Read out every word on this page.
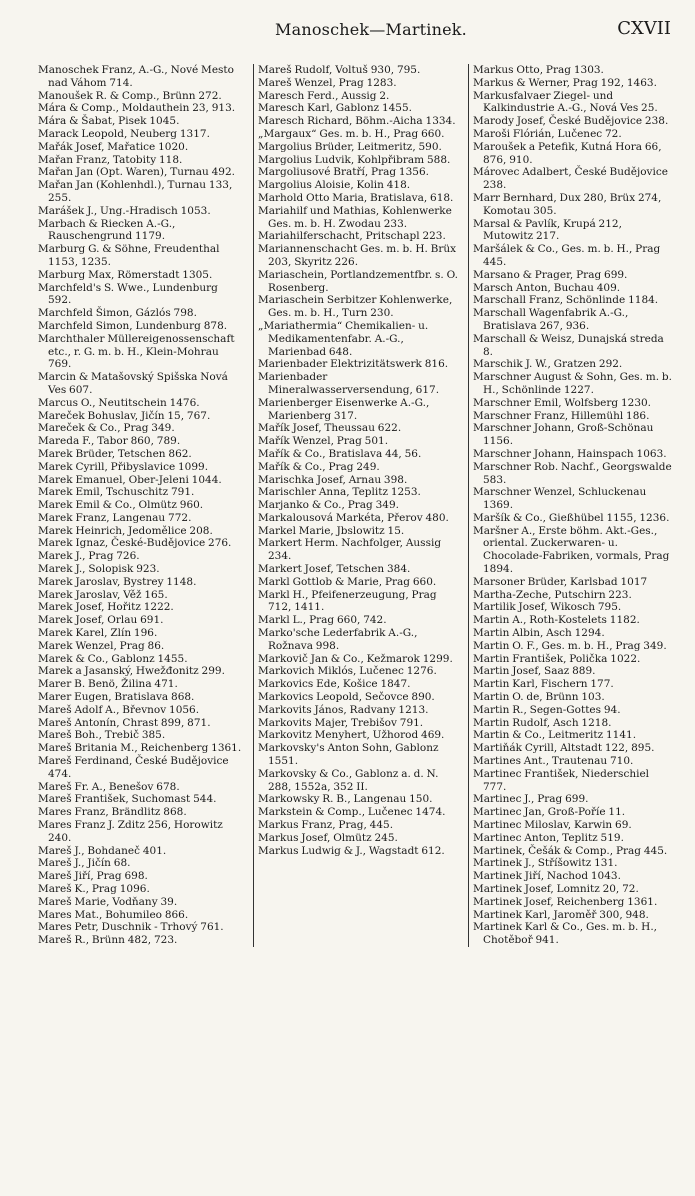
Manoschek—Martinek.	CXVII
Manoschek Franz, A.-G., Nové Mesto nad Váhom 714.
Manoušek R. & Comp., Brünn 272.
Mára & Comp., Moldauthein 23, 913.
Mára & Šabat, Pisek 1045.
Marack Leopold, Neuberg 1317.
Mařák Josef, Mařatice 1020.
Mařan Franz, Tatobity 118.
Mařan Jan (Opt. Waren), Turnau 492.
Mařan Jan (Kohlenhdl.), Turnau 133, 255.
Marášek J., Ung.-Hradisch 1053.
Marbach & Riecken A.-G., Rauschengrund 1179.
Marburg G. & Söhne, Freudenthal 1153, 1235.
Marburg Max, Römerstadt 1305.
Marchfeld's S. Wwe., Lundenburg 592.
Marchfeld Šimon, Gázlós 798.
Marchfeld Simon, Lundenburg 878.
Marchthaler Müllereigenossenschaft etc., r. G. m. b. H., Klein-Mohrau 769.
Marcin & Matašovský Spišska Nová Ves 607.
Marcus O., Neutitschein 1476.
Mareček Bohuslav, Jičín 15, 767.
Mareček & Co., Prag 349.
Mareda F., Tabor 860, 789.
Marek Brüder, Tetschen 862.
Marek Cyrill, Přibyslavice 1099.
Marek Emanuel, Ober-Jeleni 1044.
Marek Emil, Tschuschitz 791.
Marek Emil & Co., Olmütz 960.
Marek Franz, Langenau 772.
Marek Heinrich, Jedomělice 208.
Marek Ignaz, České-Budějovice 276.
Marek J., Prag 726.
Marek J., Solopisk 923.
Marek Jaroslav, Bystrey 1148.
Marek Jaroslav, Věž 165.
Marek Josef, Hořitz 1222.
Marek Josef, Orlau 691.
Marek Karel, Zlín 196.
Marek Wenzel, Prag 86.
Marek & Co., Gablonz 1455.
Marek a Jasanský, Hwežđonitz 299.
Marer B. Benö, Žilina 471.
Marer Eugen, Bratislava 868.
Mareš Adolf A., Břevnov 1056.
Mareš Antonín, Chrast 899, 871.
Mareš Boh., Trebič 385.
Mareš Britania M., Reichenberg 1361.
Mareš Ferdinand, České Budějovice 474.
Mareš Fr. A., Benešov 678.
Mareš František, Suchomast 544.
Mares Franz, Brändlitz 868.
Mares Franz J. Zditz 256, Horowitz 240.
Mareš J., Bohdaneč 401.
Mareš J., Jičín 68.
Mareš Jiří, Prag 698.
Mareš K., Prag 1096.
Mareš Marie, Vodňany 39.
Mares Mat., Bohumileo 866.
Mares Petr, Duschnik - Trhový 761.
Mareš R., Brünn 482, 723.
Mareš Rudolf, Voltuš 930, 795.
Mareš Wenzel, Prag 1283.
Maresch Ferd., Aussig 2.
Maresch Karl, Gablonz 1455.
Maresch Richard, Böhm.-Aicha 1334.
„Margaux“ Ges. m. b. H., Prag 660.
Margolius Brüder, Leitmeritz, 590.
Margolius Ludvik, Kohlpřibram 588.
Margoliusové Bratří, Prag 1356.
Margolius Aloisie, Kolin 418.
Marhold Otto Maria, Bratislava, 618.
Mariahilf und Mathias, Kohlenwerke Ges. m. b. H. Zwodau 233.
Mariahilferschacht, Pritschapl 223.
Mariannenschacht Ges. m. b. H. Brüx 203, Skyritz 226.
Mariaschein, Portlandzementfbr. s. O. Rosenberg.
Mariaschein Serbitzer Kohlenwerke, Ges. m. b. H., Turn 230.
„Mariathermia“ Chemikalien- u. Medikamentenfabr. A.-G., Marienbad 648.
Marienbader Elektrizitätswerk 816.
Marienbader Mineralwasserversendung, 617.
Marienberger Eisenwerke A.-G., Marienberg 317.
Mařík Josef, Theussau 622.
Mařík Wenzel, Prag 501.
Mařík & Co., Bratislava 44, 56.
Mařík & Co., Prag 249.
Marischka Josef, Arnau 398.
Marischler Anna, Teplitz 1253.
Marjanko & Co., Prag 349.
Markalousová Markéta, Přerov 480.
Markel Marie, Jbslowitz 15.
Markert Herm. Nachfolger, Aussig 234.
Markert Josef, Tetschen 384.
Markl Gottlob & Marie, Prag 660.
Markl H., Pfeifenerzeugung, Prag 712, 1411.
Markl L., Prag 660, 742.
Marko'sche Lederfabrik A.-G., Rožnava 998.
Markovič Jan & Co., Kežmarok 1299.
Markovich Miklós, Lučenec 1276.
Markovics Ede, Košice 1847.
Markovics Leopold, Sečovce 890.
Markovits János, Radvany 1213.
Markovits Majer, Trebišov 791.
Markovitz Menyhert, Užhorod 469.
Markovsky's Anton Sohn, Gablonz 1551.
Markovsky & Co., Gablonz a. d. N. 288, 1552a, 352 II.
Markowsky R. B., Langenau 150.
Markstein & Comp., Lučenec 1474.
Markus Franz, Prag, 445.
Markus Josef, Olmütz 245.
Markus Ludwig & J., Wagstadt 612.
Markus Otto, Prag 1303.
Markus & Werner, Prag 192, 1463.
Markusfalvaer Ziegel- und Kalkindustrie A.-G., Nová Ves 25.
Marody Josef, České Budějovice 238.
Maroši Flórián, Lučenec 72.
Maroušek a Petefik, Kutná Hora 66, 876, 910.
Márovec Adalbert, České Budějovice 238.
Marr Bernhard, Dux 280, Brüx 274, Komotau 305.
Marsal & Pavlík, Krupá 212, Mutowitz 217.
Maršálek & Co., Ges. m. b. H., Prag 445.
Marsano & Prager, Prag 699.
Marsch Anton, Buchau 409.
Marschall Franz, Schönlinde 1184.
Marschall Wagenfabrik A.-G., Bratislava 267, 936.
Marschall & Weisz, Dunajská streda 8.
Marschik J. W., Gratzen 292.
Marschner August & Sohn, Ges. m. b. H., Schönlinde 1227.
Marschner Emil, Wolfsberg 1230.
Marschner Franz, Hillemühl 186.
Marschner Johann, Groß-Schönau 1156.
Marschner Johann, Hainspach 1063.
Marschner Rob. Nachf., Georgswalde 583.
Marschner Wenzel, Schluckenau 1369.
Maršík & Co., Gießhübel 1155, 1236.
Maršner A., Erste böhm. Akt.-Ges., oriental. Zuckerwaren- u. Chocolade-Fabriken, vormals, Prag 1894.
Marsoner Brüder, Karlsbad 1017
Martha-Zeche, Putschirn 223.
Martilik Josef, Wikosch 795.
Martin A., Roth-Kostelets 1182.
Martin Albin, Asch 1294.
Martin O. F., Ges. m. b. H., Prag 349.
Martin František, Polička 1022.
Martin Josef, Saaz 889.
Martin Karl, Fischern 177.
Martin O. de, Brünn 103.
Martin R., Segen-Gottes 94.
Martin Rudolf, Asch 1218.
Martin & Co., Leitmeritz 1141.
Martiňák Cyrill, Altstadt 122, 895.
Martines Ant., Trautenau 710.
Martinec František, Niederschiel 777.
Martinec J., Prag 699.
Martinec Jan, Groß-Poříe 11.
Martinec Miloslav, Karwin 69.
Martinec Anton, Teplitz 519.
Martinek, Češák & Comp., Prag 445.
Martinek J., Stříšowitz 131.
Martinek Jiří, Nachod 1043.
Martinek Josef, Lomnitz 20, 72.
Martinek Josef, Reichenberg 1361.
Martinek Karl, Jaroměř 300, 948.
Martinek Karl & Co., Ges. m. b. H., Chotěboř 941.
